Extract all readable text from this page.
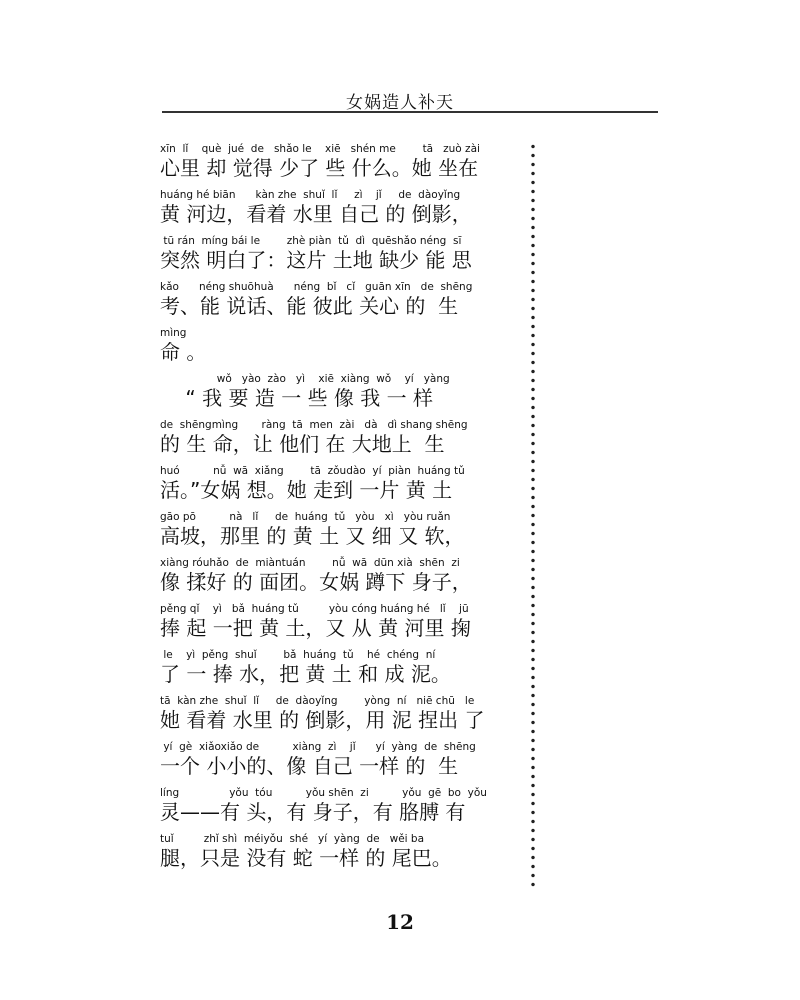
女娲造人补天
xīn  lǐ    què  jué  de   shǎo le    xiē   shén me        tā   zuò zài
心里 却 觉得 少了 些 什么。她 坐在
huáng hé biān      kàn zhe  shuǐ  lǐ     zì    jǐ     de  dàoyǐng
黄 河边，看着 水里 自己 的 倒影，
tū rán  míng bái le        zhè piàn  tǔ  dì  quēshǎo néng  sī
突然 明白了：这片 土地 缺少 能 思
kǎo      néng shuōhuà      néng  bǐ   cǐ   guān xīn   de  shēng
考、能 说话、能 彼此 关心 的  生
mìng
命 。
wǒ   yào  zào   yì    xiē  xiàng  wǒ    yí   yàng
“ 我 要 造 一 些 像 我 一 样
de  shēngmìng       ràng  tā  men  zài   dà   dì shang shēng
的 生 命，让 他们 在 大地上  生
huó          nǚ  wā  xiǎng        tā  zǒudào  yí  piàn  huáng tǔ
活。”女娲 想。她 走到 一片 黄 土
gāo pō          nà   lǐ     de  huáng  tǔ   yòu   xì   yòu ruǎn
高坡，那里 的 黄 土 又 细 又 软，
xiàng róuhǎo  de  miàntuán        nǚ  wā  dūn xià  shēn  zi
像 揉好 的 面团。女娲 蹲下 身子，
pěng qǐ    yì   bǎ  huáng tǔ         yòu cóng huáng hé   lǐ    jū
捧 起 一把 黄 土，又 从 黄 河里 掬
le    yì  pěng  shuǐ        bǎ  huáng  tǔ    hé  chéng  ní
了 一 捧 水，把 黄 土 和 成 泥。
tā  kàn zhe  shuǐ  lǐ     de  dàoyǐng        yòng  ní   niē chū   le
她 看着 水里 的 倒影，用 泥 捏出 了
yí  gè  xiǎoxiǎo de          xiàng  zì    jǐ      yí  yàng  de  shēng
一个 小小的、像 自己 一样 的  生
líng               yǒu  tóu          yǒu shēn  zi          yǒu  gē  bo  yǒu
灵——有 头，有 身子，有 胳膊 有
tuǐ         zhǐ shì  méiyǒu  shé   yí  yàng  de   wěi ba
腿，只是 没有 蛇 一样 的 尾巴。
12
